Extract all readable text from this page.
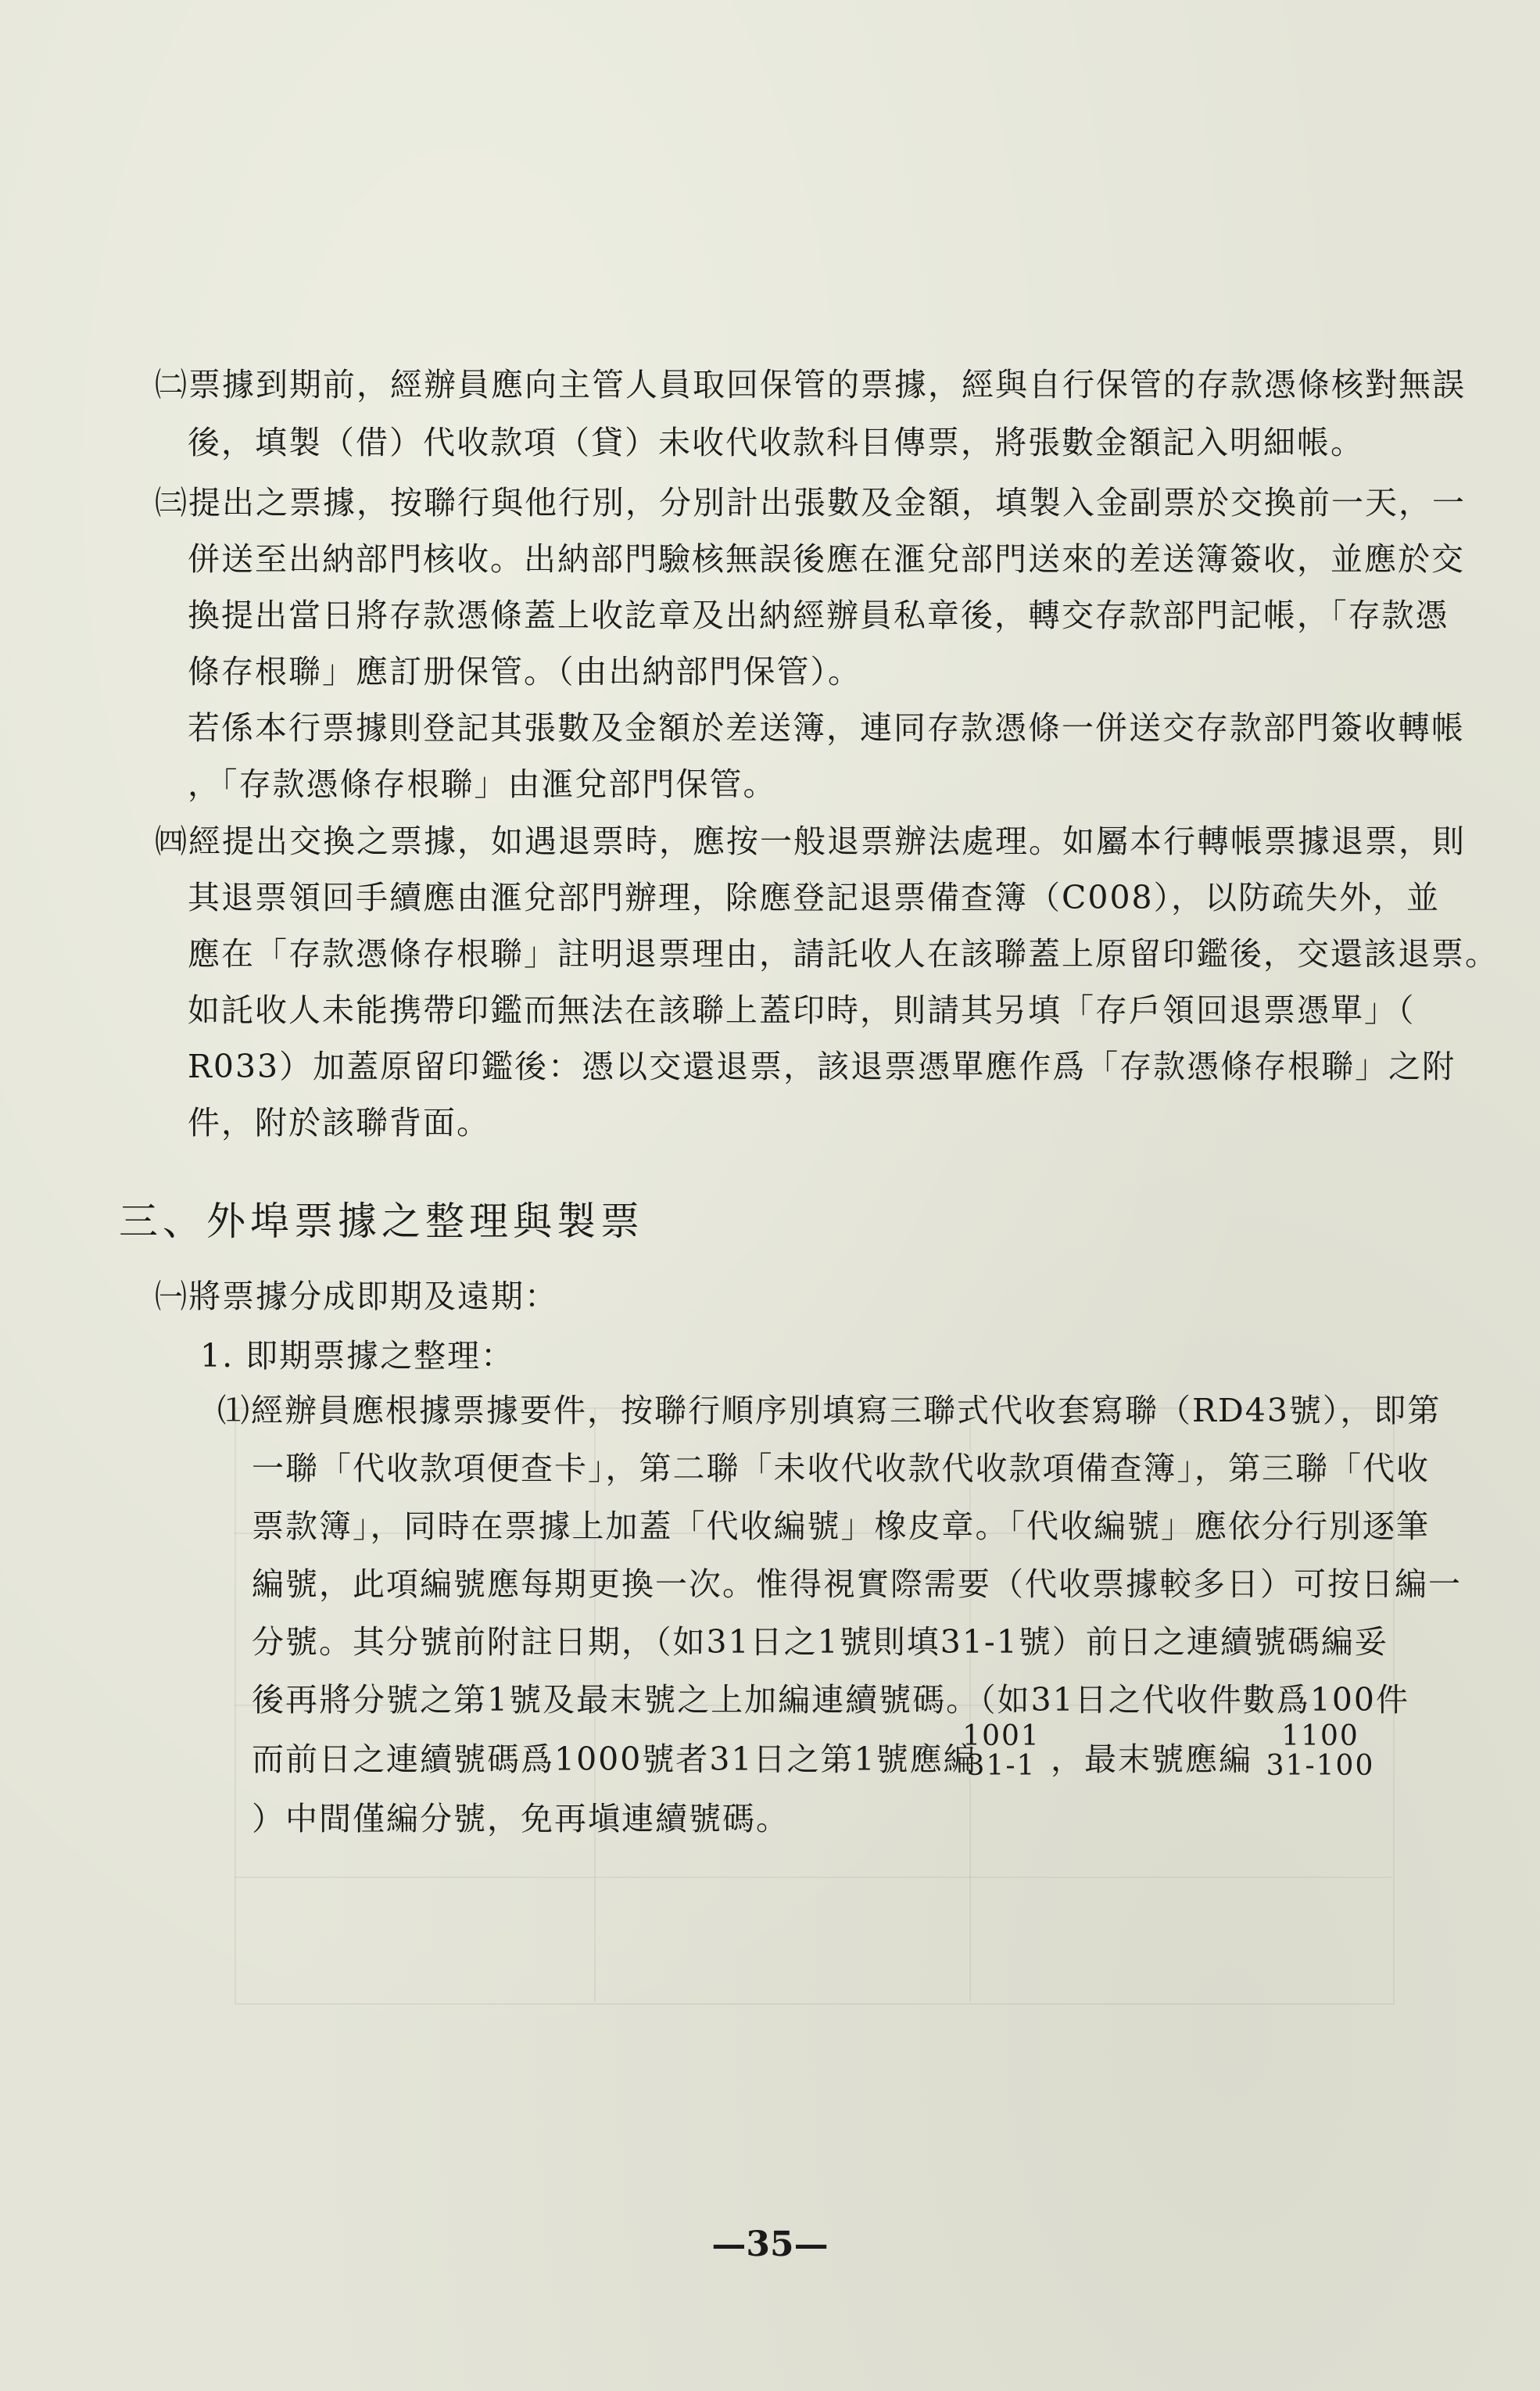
㈡票據到期前，經辦員應向主管人員取回保管的票據，經與自行保管的存款憑條核對無誤
後，填製（借）代收款項（貸）未收代收款科目傳票，將張數金額記入明細帳。
㈢提出之票據，按聯行與他行別，分別計出張數及金額，填製入金副票於交換前一天，一
併送至出納部門核收。出納部門驗核無誤後應在滙兌部門送來的差送簿簽收，並應於交
換提出當日將存款憑條蓋上收訖章及出納經辦員私章後，轉交存款部門記帳，「存款憑
條存根聯」應訂册保管。（由出納部門保管）。
若係本行票據則登記其張數及金額於差送簿，連同存款憑條一併送交存款部門簽收轉帳
，「存款憑條存根聯」由滙兌部門保管。
㈣經提出交換之票據，如遇退票時，應按一般退票辦法處理。如屬本行轉帳票據退票，則
其退票領回手續應由滙兌部門辦理，除應登記退票備查簿（C008），以防疏失外，並
應在「存款憑條存根聯」註明退票理由，請託收人在該聯蓋上原留印鑑後，交還該退票。
如託收人未能携帶印鑑而無法在該聯上蓋印時，則請其另填「存戶領回退票憑單」（
R033）加蓋原留印鑑後：憑以交還退票，該退票憑單應作爲「存款憑條存根聯」之附
件，附於該聯背面。
三、外埠票據之整理與製票
㈠將票據分成即期及遠期：
1. 即期票據之整理：
⑴經辦員應根據票據要件，按聯行順序別填寫三聯式代收套寫聯（RD43號），即第
一聯「代收款項便查卡」，第二聯「未收代收款代收款項備查簿」，第三聯「代收
票款簿」，同時在票據上加蓋「代收編號」橡皮章。「代收編號」應依分行別逐筆
編號，此項編號應每期更換一次。惟得視實際需要（代收票據較多日）可按日編一
分號。其分號前附註日期，（如31日之1號則填31-1號）前日之連續號碼編妥
後再將分號之第1號及最末號之上加編連續號碼。（如31日之代收件數爲100件
而前日之連續號碼爲1000號者31日之第1號應編
1001
31-1 ，最末號應編
1100
31-100
）中間僅編分號，免再塡連續號碼。
—35—
